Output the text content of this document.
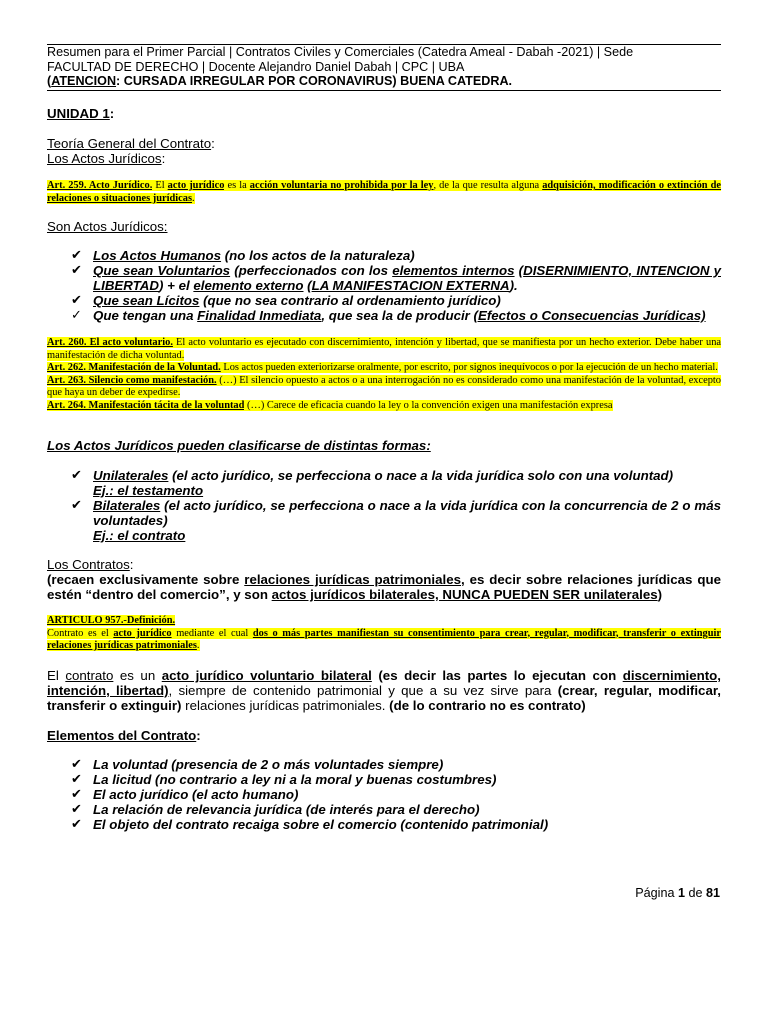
Resumen para el Primer Parcial | Contratos Civiles y Comerciales (Catedra Ameal - Dabah -2021) | Sede
FACULTAD DE DERECHO | Docente Alejandro Daniel Dabah | CPC | UBA
(ATENCION: CURSADA IRREGULAR POR CORONAVIRUS) BUENA CATEDRA.
UNIDAD 1:
Teoría General del Contrato:
Los Actos Jurídicos:
Art. 259. Acto Jurídico. El acto jurídico es la acción voluntaria no prohibida por la ley, de la que resulta alguna adquisición, modificación o extinción de relaciones o situaciones jurídicas.
Son Actos Jurídicos:
✔ Los Actos Humanos (no los actos de la naturaleza)
✔ Que sean Voluntarios (perfeccionados con los elementos internos (DISERNIMIENTO, INTENCION y LIBERTAD) + el elemento externo (LA MANIFESTACION EXTERNA).
✔ Que sean Lícitos (que no sea contrario al ordenamiento jurídico)
✓ Que tengan una Finalidad Inmediata, que sea la de producir (Efectos o Consecuencias Jurídicas)
Art. 260. El acto voluntario. El acto voluntario es ejecutado con discernimiento, intención y libertad, que se manifiesta por un hecho exterior. Debe haber una manifestación de dicha voluntad.
Art. 262. Manifestación de la Voluntad. Los actos pueden exteriorizarse oralmente, por escrito, por signos inequívocos o por la ejecución de un hecho material.
Art. 263. Silencio como manifestación. (…) El silencio opuesto a actos o a una interrogación no es considerado como una manifestación de la voluntad, excepto que haya un deber de expedirse.
Art. 264. Manifestación tácita de la voluntad (…) Carece de eficacia cuando la ley o la convención exigen una manifestación expresa
Los Actos Jurídicos pueden clasificarse de distintas formas:
✔ Unilaterales (el acto jurídico, se perfecciona o nace a la vida jurídica solo con una voluntad)
Ej.: el testamento
✔ Bilaterales (el acto jurídico, se perfecciona o nace a la vida jurídica con la concurrencia de 2 o más voluntades)
Ej.: el contrato
Los Contratos:
(recaen exclusivamente sobre relaciones jurídicas patrimoniales, es decir sobre relaciones jurídicas que estén “dentro del comercio”, y son actos jurídicos bilaterales, NUNCA PUEDEN SER unilaterales)
ARTICULO 957.-Definición.
Contrato es el acto jurídico mediante el cual dos o más partes manifiestan su consentimiento para crear, regular, modificar, transferir o extinguir relaciones jurídicas patrimoniales.
El contrato es un acto jurídico voluntario bilateral (es decir las partes lo ejecutan con discernimiento, intención, libertad), siempre de contenido patrimonial y que a su vez sirve para (crear, regular, modificar, transferir o extinguir) relaciones jurídicas patrimoniales. (de lo contrario no es contrato)
Elementos del Contrato:
✔ La voluntad (presencia de 2 o más voluntades siempre)
✔ La licitud (no contrario a ley ni a la moral y buenas costumbres)
✔ El acto jurídico (el acto humano)
✔ La relación de relevancia jurídica (de interés para el derecho)
✔ El objeto del contrato recaiga sobre el comercio (contenido patrimonial)
Página 1 de 81
